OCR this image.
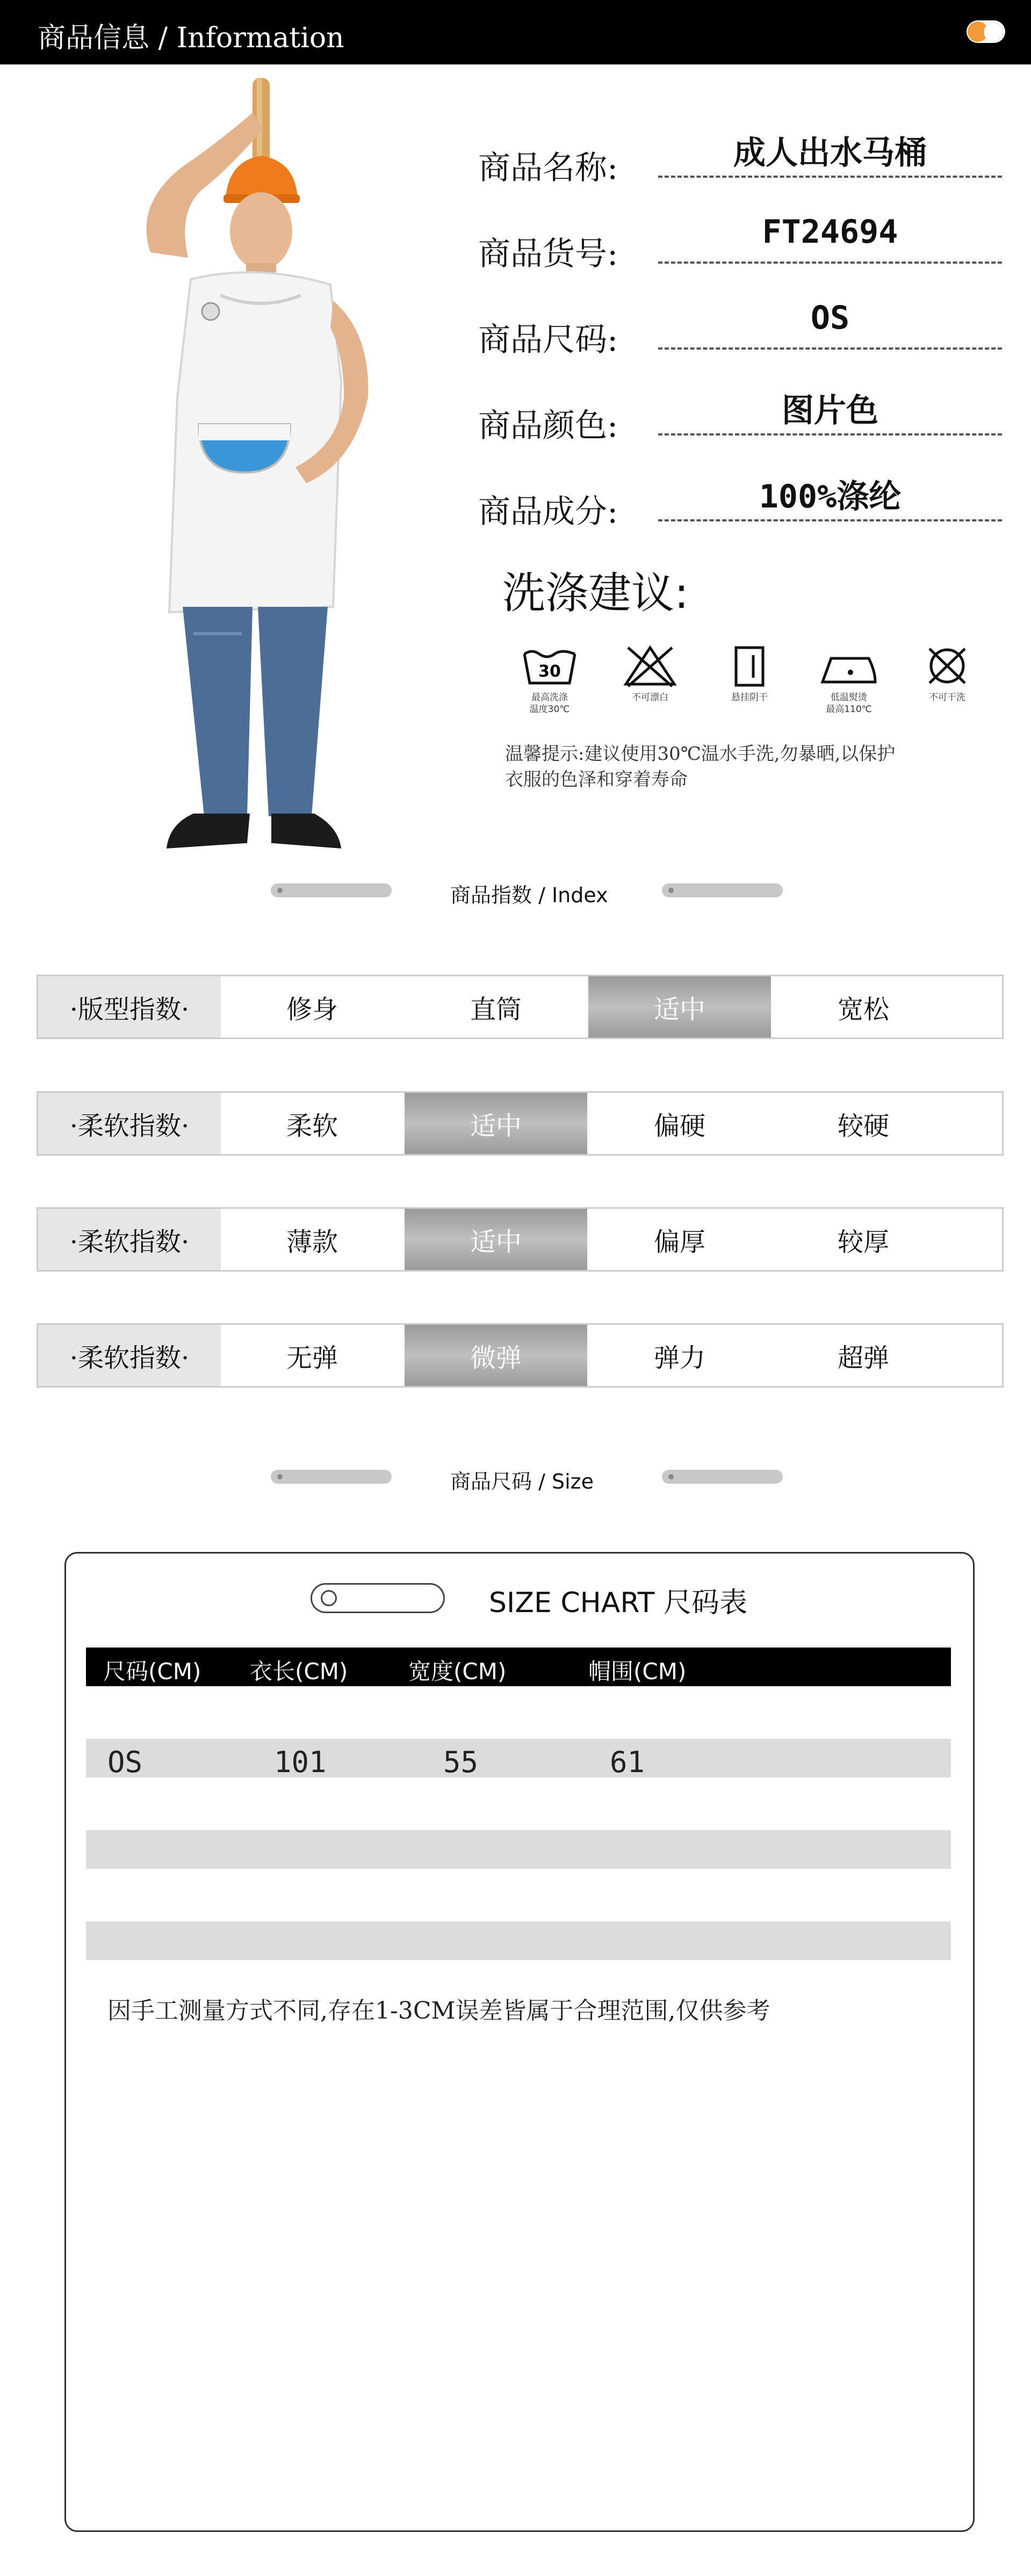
商品信息 / Information
商品名称:	成人出水马桶
商品货号:
FT24694
商品尺码:
OS
商品颜色:	图片色
商品成分:	100%涤纶
洗涤建议:
30
最高洗涤
温度30℃
不可漂白	悬挂阴干	低温熨烫
最高110℃
不可干洗
温馨提示:建议使用30℃温水手洗,勿暴晒,以保护
衣服的色泽和穿着寿命
商品指数 / Index
·版型指数·	修身	直筒	适中	宽松
·柔软指数·	柔软	适中	偏硬	较硬
·柔软指数·	薄款	适中	偏厚	较厚
·柔软指数·	无弹	微弹	弹力	超弹
商品尺码 / Size
SIZE CHART 尺码表
尺码(CM) 衣长(CM)	宽度(CM)	帽围(CM)
OS	101	55	61
因手工测量方式不同,存在1-3CM误差皆属于合理范围,仅供参考
